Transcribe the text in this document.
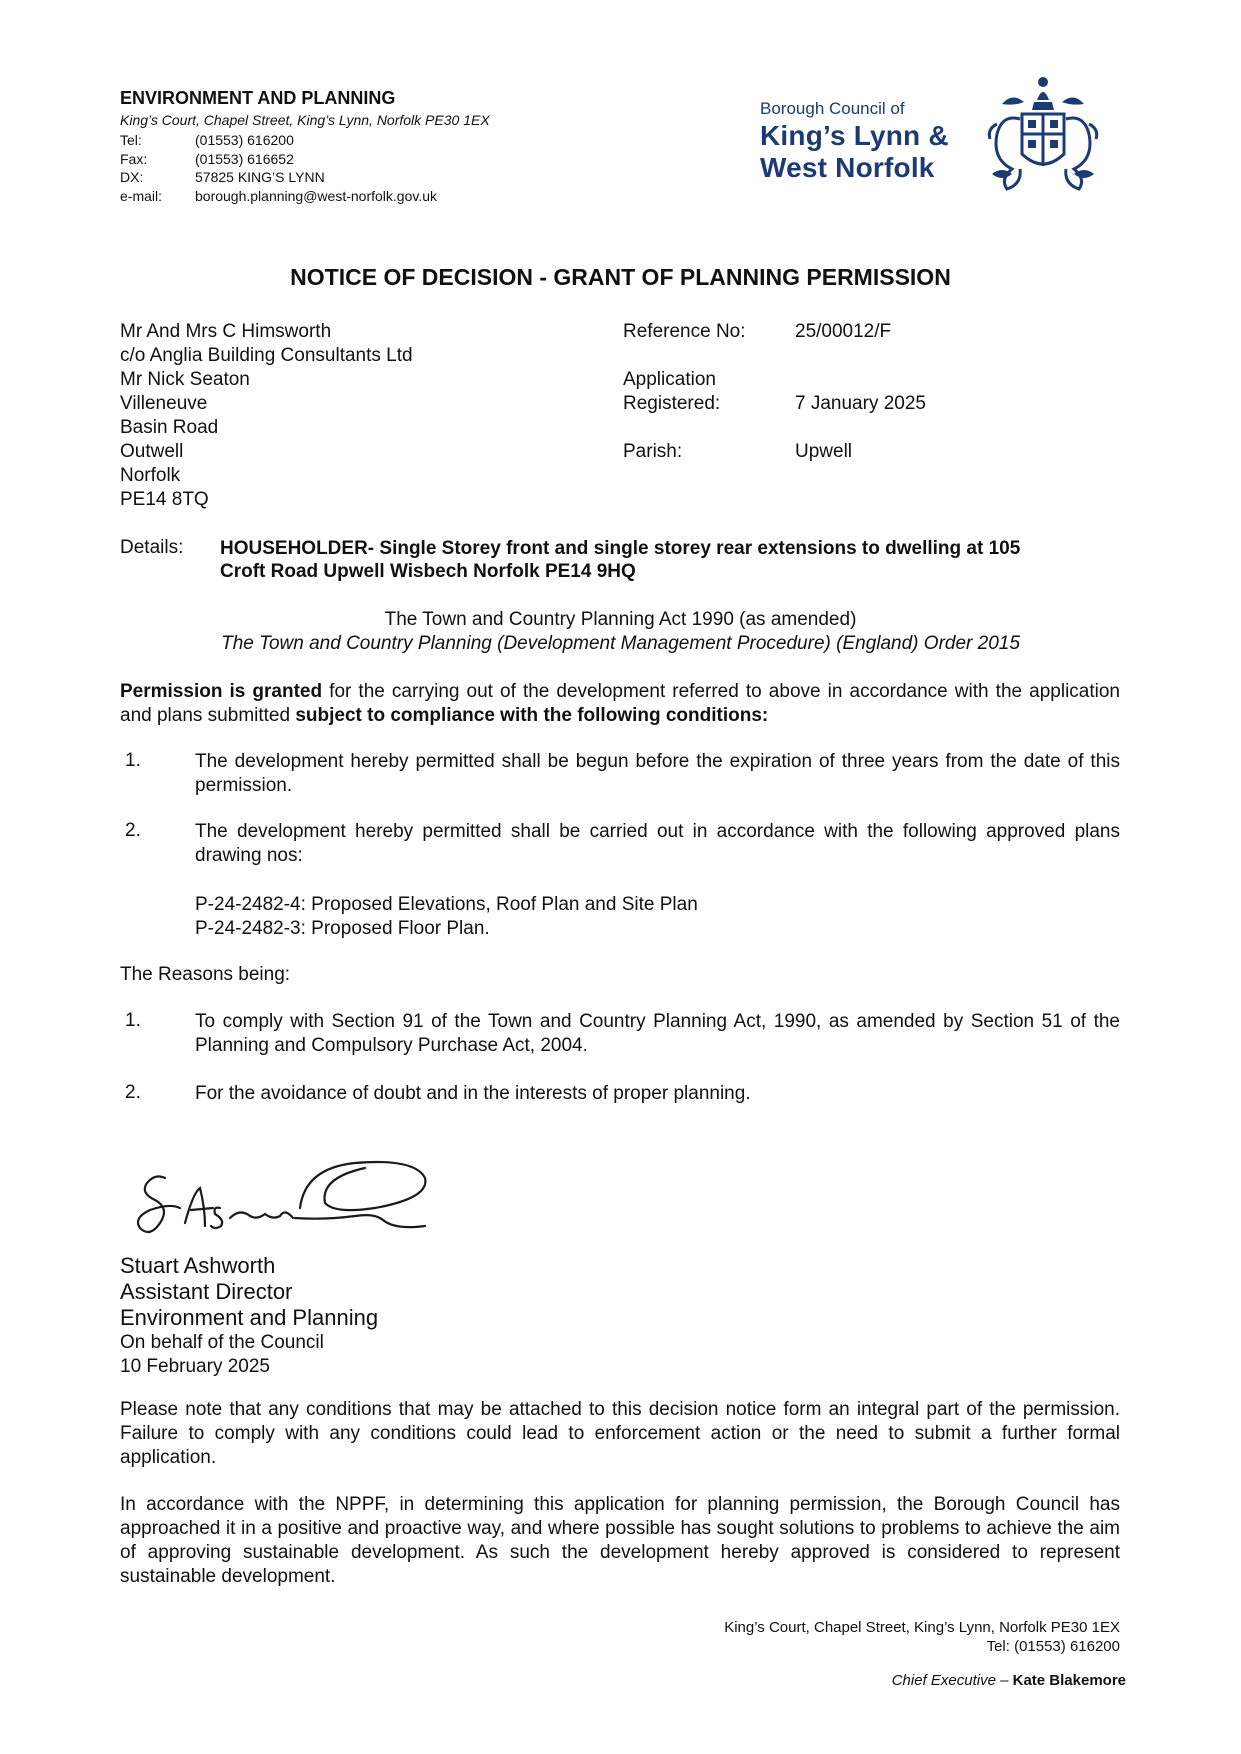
ENVIRONMENT AND PLANNING
King’s Court, Chapel Street, King’s Lynn, Norfolk PE30 1EX
Tel:	(01553) 616200
Fax:	(01553) 616652
DX:	57825 KING’S LYNN
e-mail:	borough.planning@west-norfolk.gov.uk
Borough Council of
King’s Lynn &
West Norfolk
NOTICE OF DECISION - GRANT OF PLANNING PERMISSION
Mr And Mrs C Himsworth
c/o Anglia Building Consultants Ltd
Mr Nick Seaton
Villeneuve
Basin Road
Outwell
Norfolk
PE14 8TQ
Reference No:	25/00012/F
Application
Registered:	7 January 2025
Parish:	Upwell
Details: HOUSEHOLDER- Single Storey front and single storey rear extensions to dwelling at 105
Croft Road Upwell Wisbech Norfolk PE14 9HQ
The Town and Country Planning Act 1990 (as amended)
The Town and Country Planning (Development Management Procedure) (England) Order 2015
Permission is granted for the carrying out of the development referred to above in accordance with the application and plans submitted subject to compliance with the following conditions:
1.	The development hereby permitted shall be begun before the expiration of three years from the date of this permission.
2.	The development hereby permitted shall be carried out in accordance with the following approved plans drawing nos:
P-24-2482-4: Proposed Elevations, Roof Plan and Site Plan
P-24-2482-3: Proposed Floor Plan.
The Reasons being:
1.	To comply with Section 91 of the Town and Country Planning Act, 1990, as amended by Section 51 of the Planning and Compulsory Purchase Act, 2004.
2.	For the avoidance of doubt and in the interests of proper planning.
Stuart Ashworth
Assistant Director
Environment and Planning
On behalf of the Council
10 February 2025
Please note that any conditions that may be attached to this decision notice form an integral part of the permission. Failure to comply with any conditions could lead to enforcement action or the need to submit a further formal application.
In accordance with the NPPF, in determining this application for planning permission, the Borough Council has approached it in a positive and proactive way, and where possible has sought solutions to problems to achieve the aim of approving sustainable development. As such the development hereby approved is considered to represent sustainable development.
King’s Court, Chapel Street, King’s Lynn, Norfolk PE30 1EX
Tel: (01553) 616200
Chief Executive – Kate Blakemore
